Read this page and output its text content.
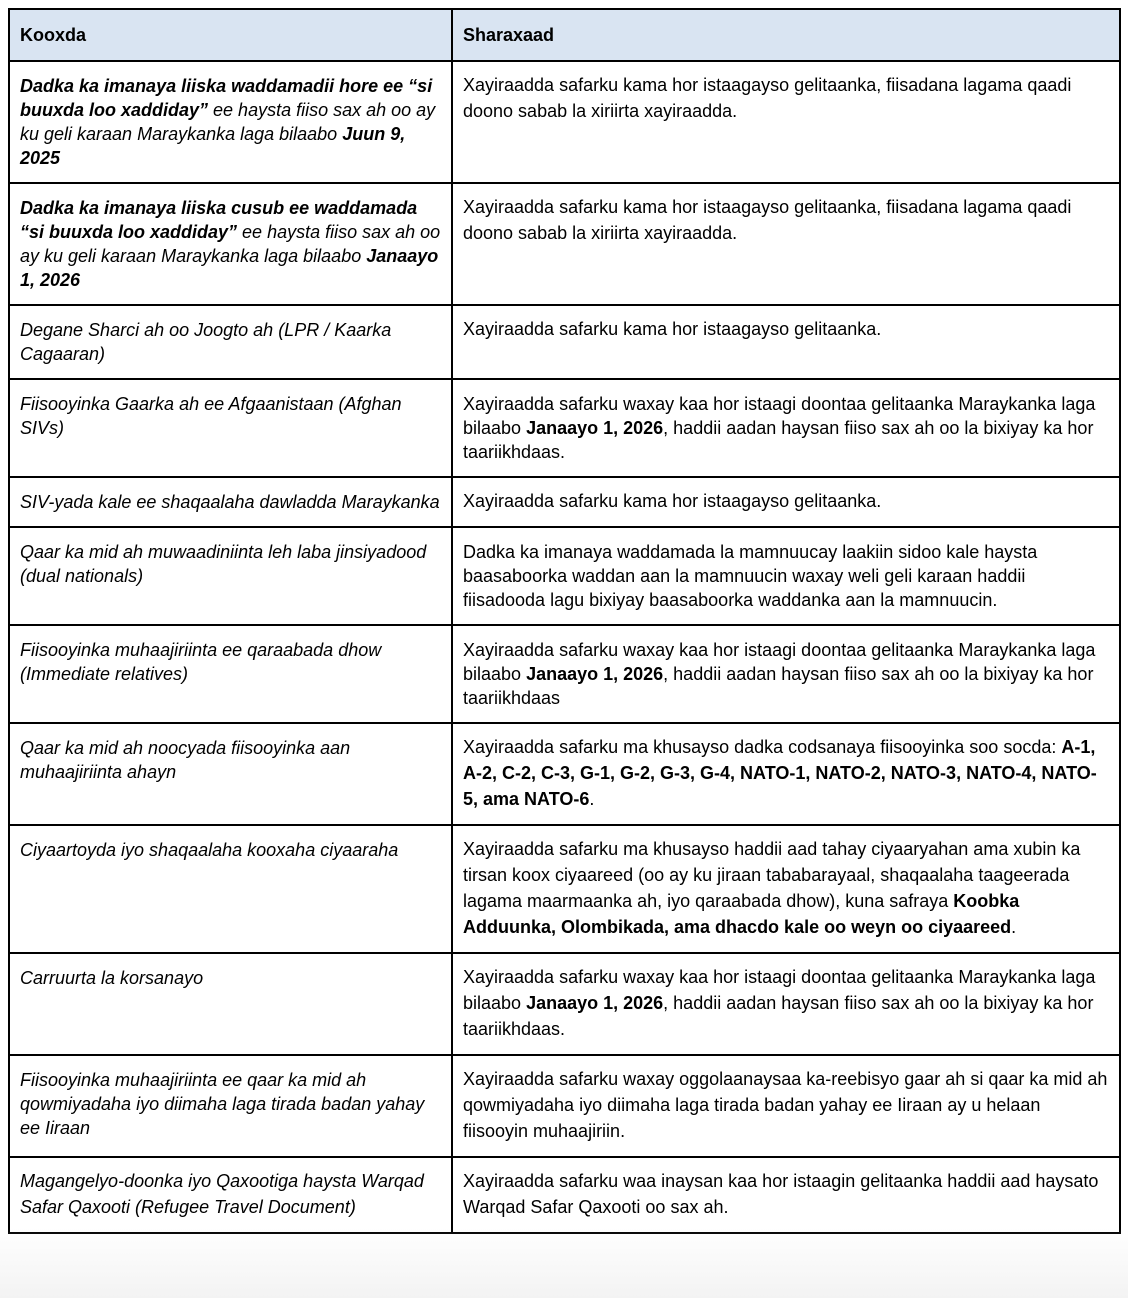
Kooxda	Sharaxaad
Dadka ka imanaya liiska waddamadii hore ee “si buuxda loo xaddiday” ee haysta fiiso sax ah oo ay ku geli karaan Maraykanka laga bilaabo Juun 9, 2025	Xayiraadda safarku kama hor istaagayso gelitaanka, fiisadana lagama qaadi doono sabab la xiriirta xayiraadda.
Dadka ka imanaya liiska cusub ee waddamada “si buuxda loo xaddiday” ee haysta fiiso sax ah oo ay ku geli karaan Maraykanka laga bilaabo Janaayo 1, 2026	Xayiraadda safarku kama hor istaagayso gelitaanka, fiisadana lagama qaadi doono sabab la xiriirta xayiraadda.
Degane Sharci ah oo Joogto ah (LPR / Kaarka Cagaaran)	Xayiraadda safarku kama hor istaagayso gelitaanka.
Fiisooyinka Gaarka ah ee Afgaanistaan (Afghan SIVs)	Xayiraadda safarku waxay kaa hor istaagi doontaa gelitaanka Maraykanka laga bilaabo Janaayo 1, 2026, haddii aadan haysan fiiso sax ah oo la bixiyay ka hor taariikhdaas.
SIV-yada kale ee shaqaalaha dawladda Maraykanka	Xayiraadda safarku kama hor istaagayso gelitaanka.
Qaar ka mid ah muwaadiniinta leh laba jinsiyadood (dual nationals)	Dadka ka imanaya waddamada la mamnuucay laakiin sidoo kale haysta baasaboorka waddan aan la mamnuucin waxay weli geli karaan haddii fiisadooda lagu bixiyay baasaboorka waddanka aan la mamnuucin.
Fiisooyinka muhaajiriinta ee qaraabada dhow (Immediate relatives)	Xayiraadda safarku waxay kaa hor istaagi doontaa gelitaanka Maraykanka laga bilaabo Janaayo 1, 2026, haddii aadan haysan fiiso sax ah oo la bixiyay ka hor taariikhdaas
Qaar ka mid ah noocyada fiisooyinka aan muhaajiriinta ahayn	Xayiraadda safarku ma khusayso dadka codsanaya fiisooyinka soo socda: A-1, A-2, C-2, C-3, G-1, G-2, G-3, G-4, NATO-1, NATO-2, NATO-3, NATO-4, NATO-5, ama NATO-6.
Ciyaartoyda iyo shaqaalaha kooxaha ciyaaraha	Xayiraadda safarku ma khusayso haddii aad tahay ciyaaryahan ama xubin ka tirsan koox ciyaareed (oo ay ku jiraan tababarayaal, shaqaalaha taageerada lagama maarmaanka ah, iyo qaraabada dhow), kuna safraya Koobka Adduunka, Olombikada, ama dhacdo kale oo weyn oo ciyaareed.
Carruurta la korsanayo	Xayiraadda safarku waxay kaa hor istaagi doontaa gelitaanka Maraykanka laga bilaabo Janaayo 1, 2026, haddii aadan haysan fiiso sax ah oo la bixiyay ka hor taariikhdaas.
Fiisooyinka muhaajiriinta ee qaar ka mid ah qowmiyadaha iyo diimaha laga tirada badan yahay ee Iiraan	Xayiraadda safarku waxay oggolaanaysaa ka-reebisyo gaar ah si qaar ka mid ah qowmiyadaha iyo diimaha laga tirada badan yahay ee Iiraan ay u helaan fiisooyin muhaajiriin.
Magangelyo-doonka iyo Qaxootiga haysta Warqad Safar Qaxooti (Refugee Travel Document)	Xayiraadda safarku waa inaysan kaa hor istaagin gelitaanka haddii aad haysato Warqad Safar Qaxooti oo sax ah.
